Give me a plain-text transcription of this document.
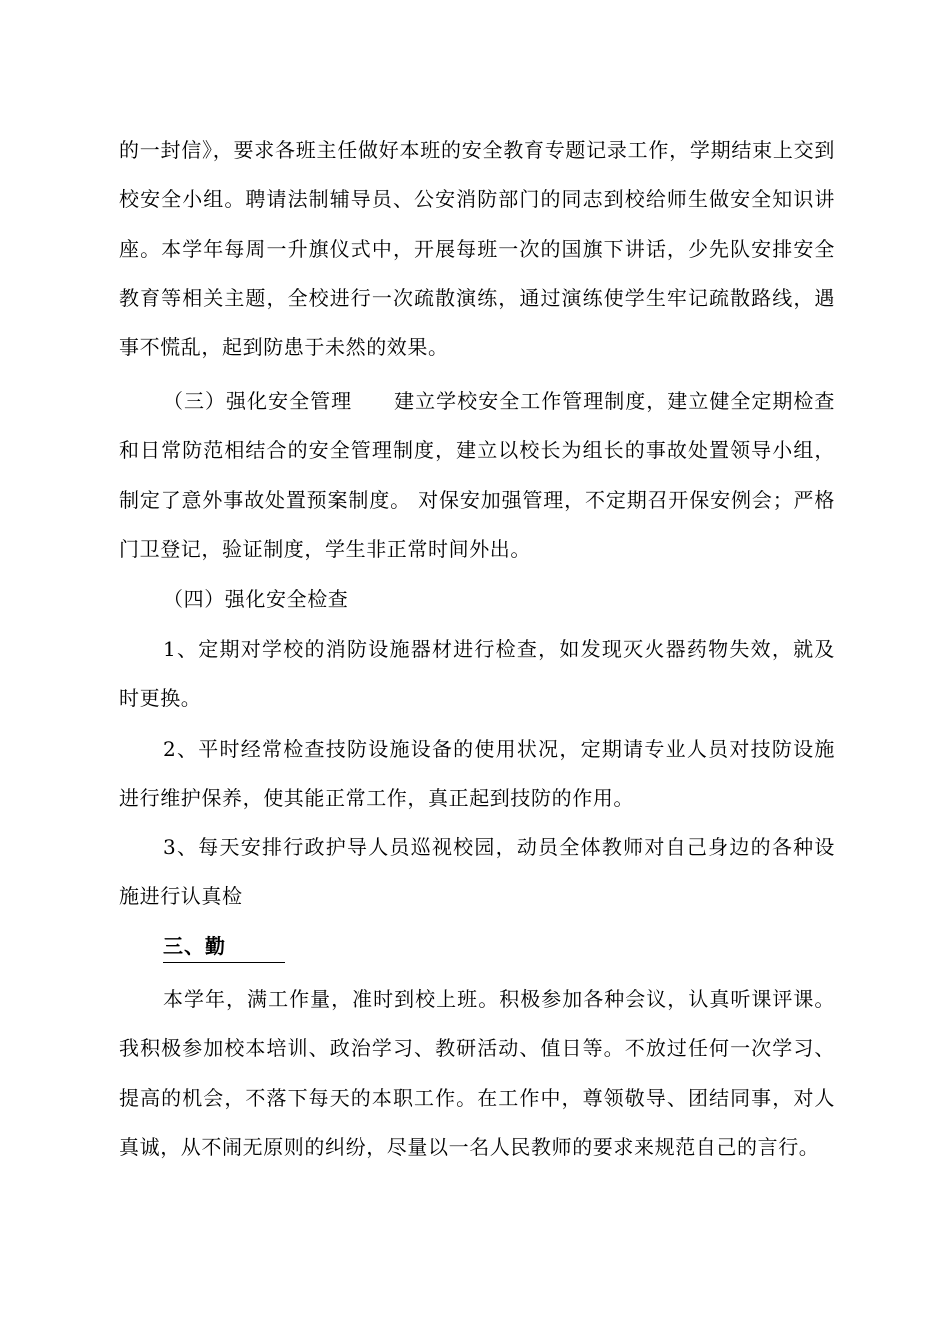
的一封信》，要求各班主任做好本班的安全教育专题记录工作，学期结束上交到校安全小组。聘请法制辅导员、公安消防部门的同志到校给师生做安全知识讲座。本学年每周一升旗仪式中，开展每班一次的国旗下讲话，少先队安排安全教育等相关主题，全校进行一次疏散演练，通过演练使学生牢记疏散路线，遇事不慌乱，起到防患于未然的效果。

（三）强化安全管理　　建立学校安全工作管理制度，建立健全定期检查和日常防范相结合的安全管理制度，建立以校长为组长的事故处置领导小组，制定了意外事故处置预案制度。 对保安加强管理，不定期召开保安例会；严格门卫登记，验证制度，学生非正常时间外出。

（四）强化安全检查

1、定期对学校的消防设施器材进行检查，如发现灭火器药物失效，就及时更换。

2、平时经常检查技防设施设备的使用状况，定期请专业人员对技防设施进行维护保养，使其能正常工作，真正起到技防的作用。

3、每天安排行政护导人员巡视校园，动员全体教师对自己身边的各种设施进行认真检

三、勤

本学年，满工作量，准时到校上班。积极参加各种会议，认真听课评课。我积极参加校本培训、政治学习、教研活动、值日等。不放过任何一次学习、提高的机会，不落下每天的本职工作。在工作中，尊领敬导、团结同事，对人真诚，从不闹无原则的纠纷，尽量以一名人民教师的要求来规范自己的言行。
